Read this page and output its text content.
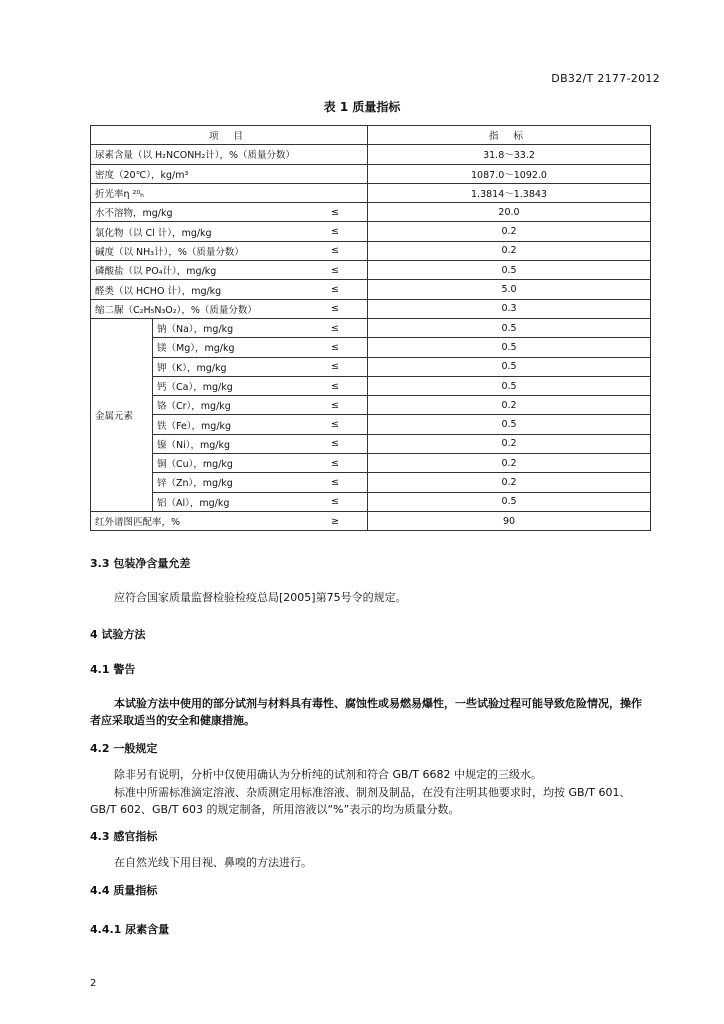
DB32/T 2177-2012
表 1 质量指标
项 目			指 标
尿素含量（以 H₂NCONH₂计），%（质量分数）			31.8～33.2
密度（20℃），kg/m³			1087.0～1092.0
折光率η ²⁰ₕ			1.3814～1.3843
水不溶物，mg/kg		≤	20.0
氯化物（以 Cl 计），mg/kg		≤	0.2
碱度（以 NH₃计），%（质量分数）		≤	0.2
磷酸盐（以 PO₄计），mg/kg		≤	0.5
醛类（以 HCHO 计），mg/kg		≤	5.0
缩二脲（C₂H₅N₃O₂），%（质量分数）		≤	0.3
金属元素	钠（Na），mg/kg	≤	0.5
	镁（Mg），mg/kg	≤	0.5
	钾（K），mg/kg	≤	0.5
	钙（Ca），mg/kg	≤	0.5
	铬（Cr），mg/kg	≤	0.2
	铁（Fe），mg/kg	≤	0.5
	镍（Ni），mg/kg	≤	0.2
	铜（Cu），mg/kg	≤	0.2
	锌（Zn），mg/kg	≤	0.2
	铝（Al），mg/kg	≤	0.5
红外谱图匹配率，%		≥	90
3.3 包装净含量允差
应符合国家质量监督检验检疫总局[2005]第75号令的规定。
4 试验方法
4.1 警告
本试验方法中使用的部分试剂与材料具有毒性、腐蚀性或易燃易爆性，一些试验过程可能导致危险情况，操作者应采取适当的安全和健康措施。
4.2 一般规定
除非另有说明，分析中仅使用确认为分析纯的试剂和符合 GB/T 6682 中规定的三级水。
标准中所需标准滴定溶液、杂质测定用标准溶液、制剂及制品，在没有注明其他要求时，均按 GB/T 601、GB/T 602、GB/T 603 的规定制备，所用溶液以“%”表示的均为质量分数。
4.3 感官指标
在自然光线下用目视、鼻嗅的方法进行。
4.4 质量指标
4.4.1 尿素含量
2
